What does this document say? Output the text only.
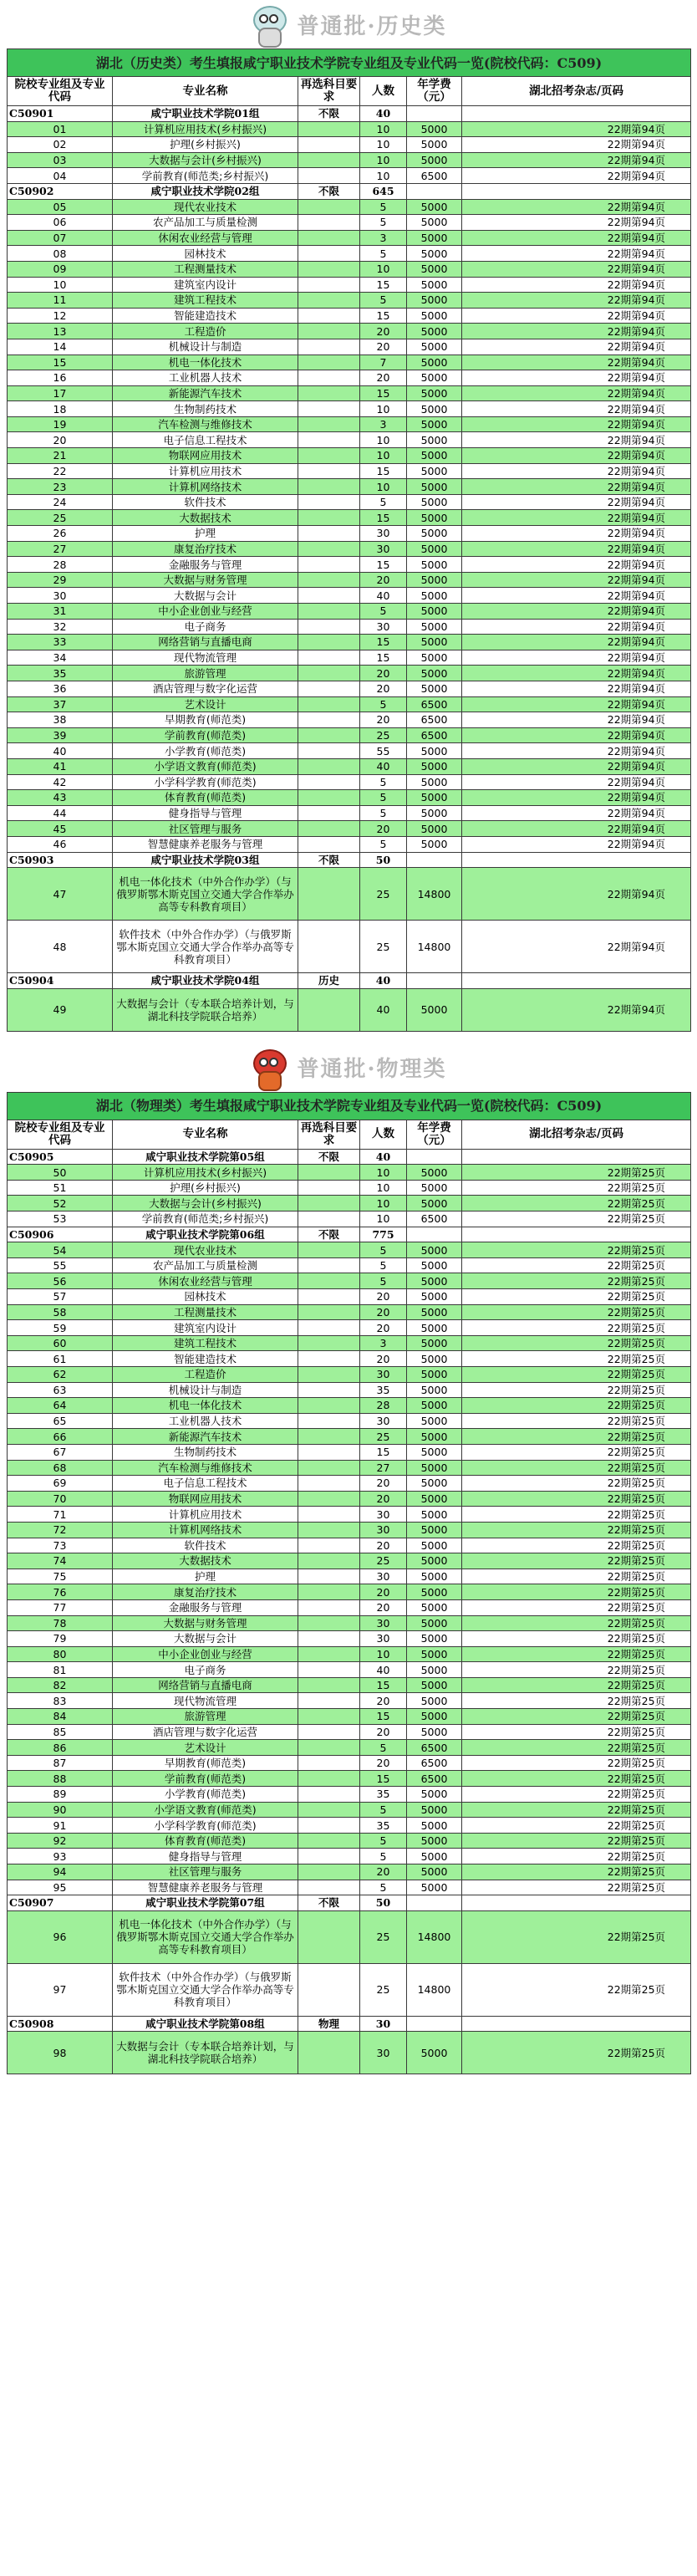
普通批·历史类
湖北（历史类）考生填报咸宁职业技术学院专业组及专业代码一览(院校代码：C509)					
院校专业组及专业代码	专业名称	再选科目要求	人数	年学费（元）	湖北招考杂志/页码
C50901	咸宁职业技术学院01组	不限	40		
01	计算机应用技术(乡村振兴)		10	5000	22期第94页
02	护理(乡村振兴)		10	5000	22期第94页
03	大数据与会计(乡村振兴)		10	5000	22期第94页
04	学前教育(师范类;乡村振兴)		10	6500	22期第94页
C50902	咸宁职业技术学院02组	不限	645		
05	现代农业技术		5	5000	22期第94页
06	农产品加工与质量检测		5	5000	22期第94页
07	休闲农业经营与管理		3	5000	22期第94页
08	园林技术		5	5000	22期第94页
09	工程测量技术		10	5000	22期第94页
10	建筑室内设计		15	5000	22期第94页
11	建筑工程技术		5	5000	22期第94页
12	智能建造技术		15	5000	22期第94页
13	工程造价		20	5000	22期第94页
14	机械设计与制造		20	5000	22期第94页
15	机电一体化技术		7	5000	22期第94页
16	工业机器人技术		20	5000	22期第94页
17	新能源汽车技术		15	5000	22期第94页
18	生物制药技术		10	5000	22期第94页
19	汽车检测与维修技术		3	5000	22期第94页
20	电子信息工程技术		10	5000	22期第94页
21	物联网应用技术		10	5000	22期第94页
22	计算机应用技术		15	5000	22期第94页
23	计算机网络技术		10	5000	22期第94页
24	软件技术		5	5000	22期第94页
25	大数据技术		15	5000	22期第94页
26	护理		30	5000	22期第94页
27	康复治疗技术		30	5000	22期第94页
28	金融服务与管理		15	5000	22期第94页
29	大数据与财务管理		20	5000	22期第94页
30	大数据与会计		40	5000	22期第94页
31	中小企业创业与经营		5	5000	22期第94页
32	电子商务		30	5000	22期第94页
33	网络营销与直播电商		15	5000	22期第94页
34	现代物流管理		15	5000	22期第94页
35	旅游管理		20	5000	22期第94页
36	酒店管理与数字化运营		20	5000	22期第94页
37	艺术设计		5	6500	22期第94页
38	早期教育(师范类)		20	6500	22期第94页
39	学前教育(师范类)		25	6500	22期第94页
40	小学教育(师范类)		55	5000	22期第94页
41	小学语文教育(师范类)		40	5000	22期第94页
42	小学科学教育(师范类)		5	5000	22期第94页
43	体育教育(师范类)		5	5000	22期第94页
44	健身指导与管理		5	5000	22期第94页
45	社区管理与服务		20	5000	22期第94页
46	智慧健康养老服务与管理		5	5000	22期第94页
C50903	咸宁职业技术学院03组	不限	50		
47	机电一体化技术（中外合作办学）（与俄罗斯鄂木斯克国立交通大学合作举办高等专科教育项目）		25	14800	22期第94页
48	软件技术（中外合作办学）（与俄罗斯鄂木斯克国立交通大学合作举办高等专科教育项目）		25	14800	22期第94页
C50904	咸宁职业技术学院04组	历史	40		
49	大数据与会计（专本联合培养计划，与湖北科技学院联合培养）		40	5000	22期第94页
普通批·物理类
湖北（物理类）考生填报咸宁职业技术学院专业组及专业代码一览(院校代码：C509)					
院校专业组及专业代码	专业名称	再选科目要求	人数	年学费（元）	湖北招考杂志/页码
C50905	咸宁职业技术学院第05组	不限	40		
50	计算机应用技术(乡村振兴)		10	5000	22期第25页
51	护理(乡村振兴)		10	5000	22期第25页
52	大数据与会计(乡村振兴)		10	5000	22期第25页
53	学前教育(师范类;乡村振兴)		10	6500	22期第25页
C50906	咸宁职业技术学院第06组	不限	775		
54	现代农业技术		5	5000	22期第25页
55	农产品加工与质量检测		5	5000	22期第25页
56	休闲农业经营与管理		5	5000	22期第25页
57	园林技术		20	5000	22期第25页
58	工程测量技术		20	5000	22期第25页
59	建筑室内设计		20	5000	22期第25页
60	建筑工程技术		3	5000	22期第25页
61	智能建造技术		20	5000	22期第25页
62	工程造价		30	5000	22期第25页
63	机械设计与制造		35	5000	22期第25页
64	机电一体化技术		28	5000	22期第25页
65	工业机器人技术		30	5000	22期第25页
66	新能源汽车技术		25	5000	22期第25页
67	生物制药技术		15	5000	22期第25页
68	汽车检测与维修技术		27	5000	22期第25页
69	电子信息工程技术		20	5000	22期第25页
70	物联网应用技术		20	5000	22期第25页
71	计算机应用技术		30	5000	22期第25页
72	计算机网络技术		30	5000	22期第25页
73	软件技术		20	5000	22期第25页
74	大数据技术		25	5000	22期第25页
75	护理		30	5000	22期第25页
76	康复治疗技术		20	5000	22期第25页
77	金融服务与管理		20	5000	22期第25页
78	大数据与财务管理		30	5000	22期第25页
79	大数据与会计		30	5000	22期第25页
80	中小企业创业与经营		10	5000	22期第25页
81	电子商务		40	5000	22期第25页
82	网络营销与直播电商		15	5000	22期第25页
83	现代物流管理		20	5000	22期第25页
84	旅游管理		15	5000	22期第25页
85	酒店管理与数字化运营		20	5000	22期第25页
86	艺术设计		5	6500	22期第25页
87	早期教育(师范类)		20	6500	22期第25页
88	学前教育(师范类)		15	6500	22期第25页
89	小学教育(师范类)		35	5000	22期第25页
90	小学语文教育(师范类)		5	5000	22期第25页
91	小学科学教育(师范类)		35	5000	22期第25页
92	体育教育(师范类)		5	5000	22期第25页
93	健身指导与管理		5	5000	22期第25页
94	社区管理与服务		20	5000	22期第25页
95	智慧健康养老服务与管理		5	5000	22期第25页
C50907	咸宁职业技术学院第07组	不限	50		
96	机电一体化技术（中外合作办学）（与俄罗斯鄂木斯克国立交通大学合作举办高等专科教育项目）		25	14800	22期第25页
97	软件技术（中外合作办学）（与俄罗斯鄂木斯克国立交通大学合作举办高等专科教育项目）		25	14800	22期第25页
C50908	咸宁职业技术学院第08组	物理	30		
98	大数据与会计（专本联合培养计划，与湖北科技学院联合培养）		30	5000	22期第25页
